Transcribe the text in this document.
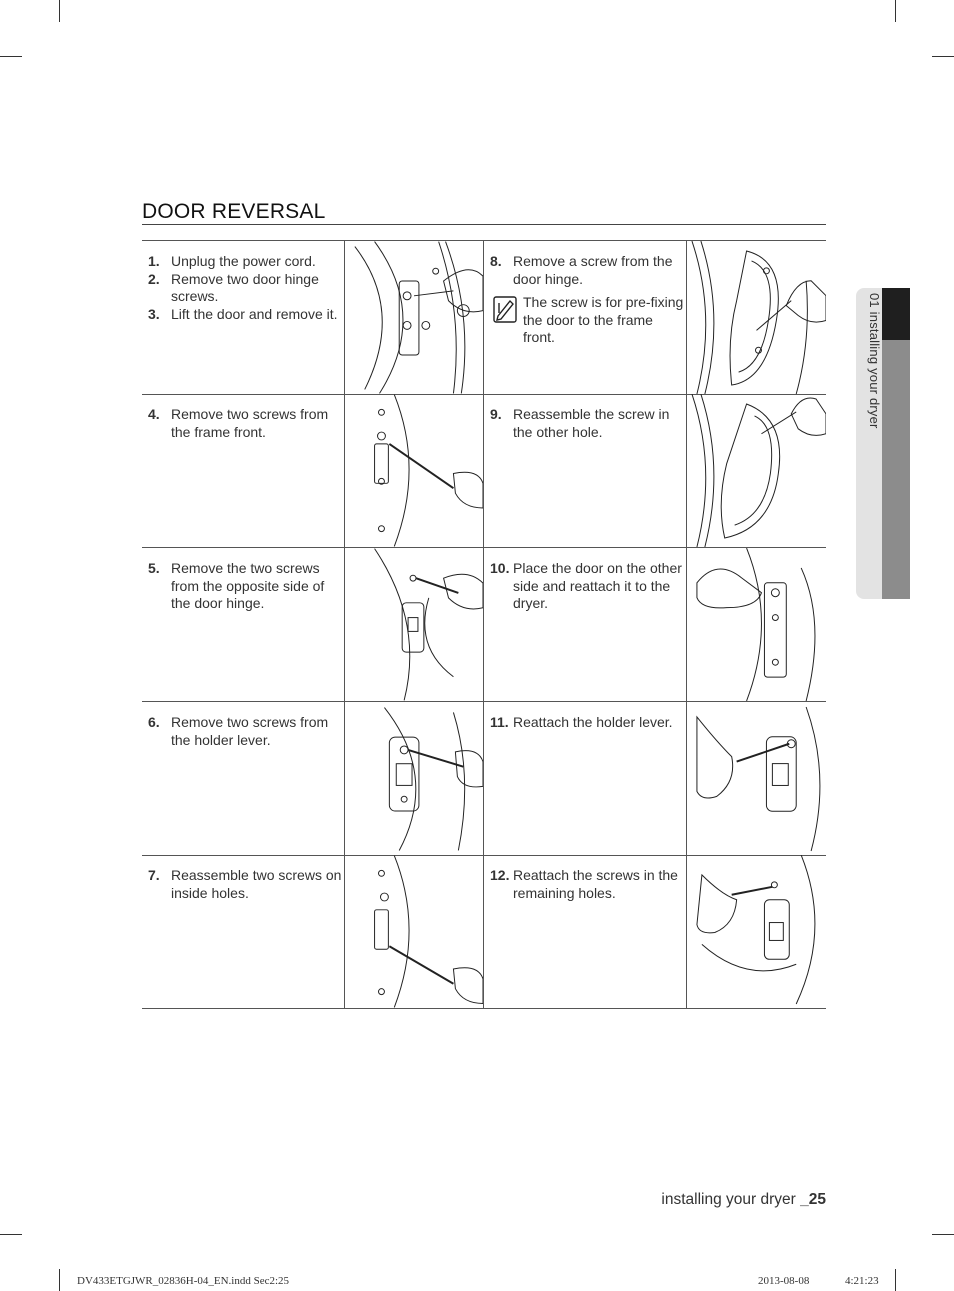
DOOR REVERSAL
1. Unplug the power cord.
2. Remove two door hinge screws.
3. Lift the door and remove it.
8. Remove a screw from the door hinge.
The screw is for pre-fixing the door to the frame front.
4. Remove two screws from the frame front.
9. Reassemble the screw in the other hole.
5. Remove the two screws from the opposite side of the door hinge.
10. Place the door on the other side and reattach it to the dryer.
6. Remove two screws from the holder lever.
11. Reattach the holder lever.
7. Reassemble two screws on inside holes.
12. Reattach the screws in the remaining holes.
01 installing your dryer
installing your dryer _25
DV433ETGJWR_02836H-04_EN.indd Sec2:25	2013-08-08	4:21:23
